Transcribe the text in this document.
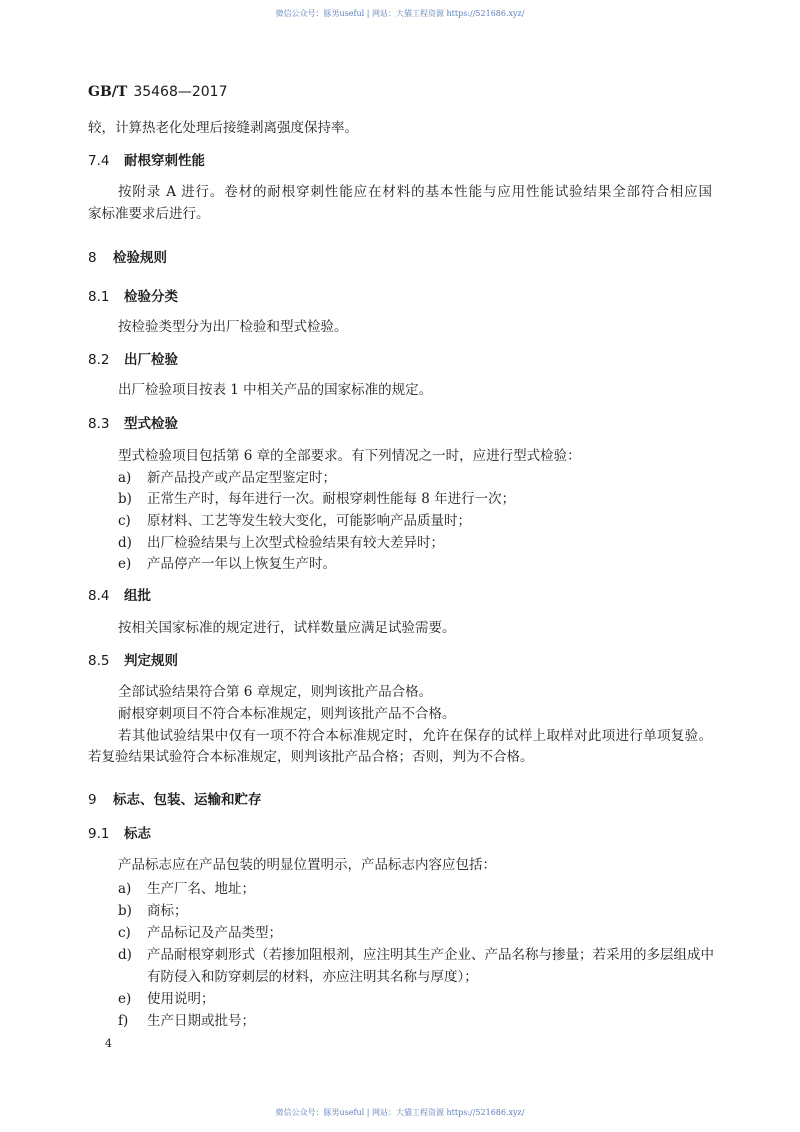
微信公众号：豚男useful | 网站：大猫工程资源 https://521686.xyz/
GB/T 35468—2017
较，计算热老化处理后接缝剥离强度保持率。
7.4 耐根穿刺性能
按附录 A 进行。卷材的耐根穿刺性能应在材料的基本性能与应用性能试验结果全部符合相应国
家标准要求后进行。
8 检验规则
8.1 检验分类
按检验类型分为出厂检验和型式检验。
8.2 出厂检验
出厂检验项目按表 1 中相关产品的国家标准的规定。
8.3 型式检验
型式检验项目包括第 6 章的全部要求。有下列情况之一时，应进行型式检验：
a) 新产品投产或产品定型鉴定时；
b) 正常生产时，每年进行一次。耐根穿刺性能每 8 年进行一次；
c) 原材料、工艺等发生较大变化，可能影响产品质量时；
d) 出厂检验结果与上次型式检验结果有较大差异时；
e) 产品停产一年以上恢复生产时。
8.4 组批
按相关国家标准的规定进行，试样数量应满足试验需要。
8.5 判定规则
全部试验结果符合第 6 章规定，则判该批产品合格。
耐根穿刺项目不符合本标准规定，则判该批产品不合格。
若其他试验结果中仅有一项不符合本标准规定时，允许在保存的试样上取样对此项进行单项复验。
若复验结果试验符合本标准规定，则判该批产品合格；否则，判为不合格。
9 标志、包装、运输和贮存
9.1 标志
产品标志应在产品包装的明显位置明示，产品标志内容应包括：
a) 生产厂名、地址；
b) 商标；
c) 产品标记及产品类型；
d) 产品耐根穿刺形式（若掺加阻根剂，应注明其生产企业、产品名称与掺量；若采用的多层组成中
有防侵入和防穿刺层的材料，亦应注明其名称与厚度）；
e) 使用说明；
f) 生产日期或批号；
4
微信公众号：豚男useful | 网站：大猫工程资源 https://521686.xyz/
